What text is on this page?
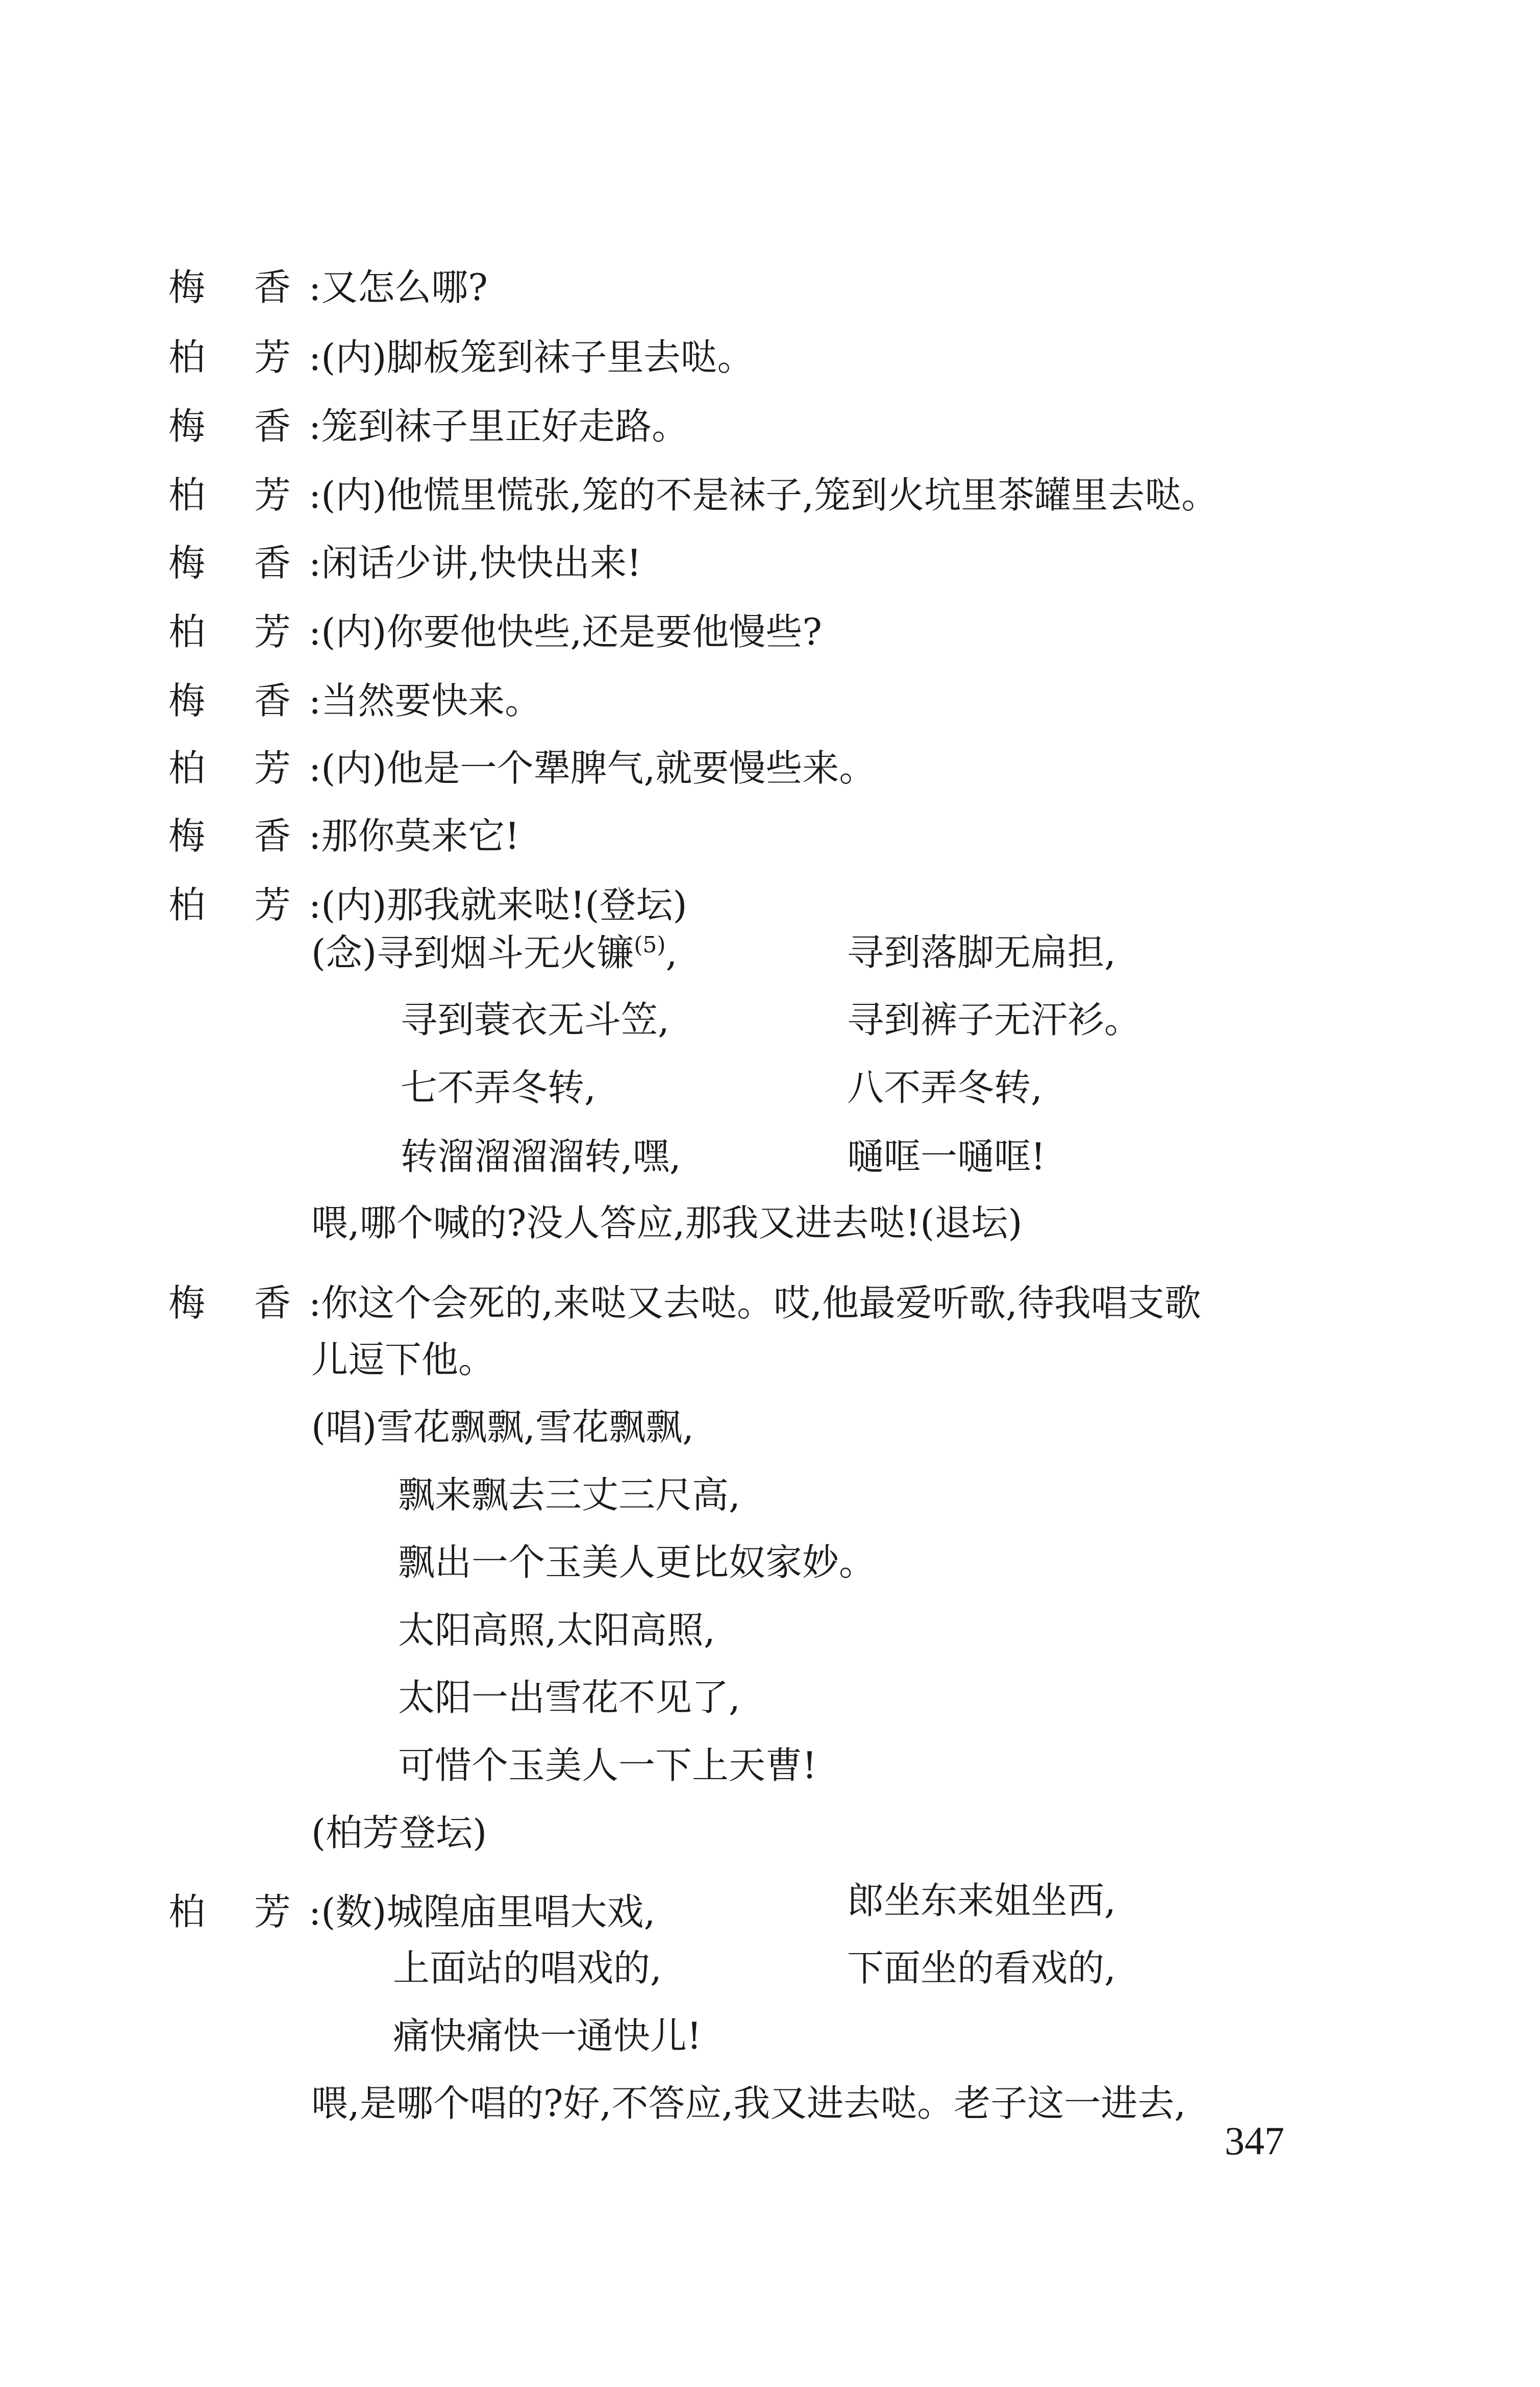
梅香
:又怎么哪?
柏芳
:(内)脚板笼到袜子里去哒。
梅香
:笼到袜子里正好走路。
柏芳
:(内)他慌里慌张,笼的不是袜子,笼到火坑里茶罐里去哒。
梅香
:闲话少讲,快快出来!
柏芳
:(内)你要他快些,还是要他慢些?
梅香
:当然要快来。
柏芳
:(内)他是一个犟脾气,就要慢些来。
梅香
:那你莫来它!
柏芳
:(内)那我就来哒!(登坛)
(念)寻到烟斗无火镰$^{(5)}$,	寻到落脚无扁担,
寻到蓑衣无斗笠,	寻到裤子无汗衫。
七不弄冬转,	八不弄冬转,
转溜溜溜溜转,嘿,	嗵哐一嗵哐!
喂,哪个喊的?没人答应,那我又进去哒!(退坛)
梅香
:你这个会死的,来哒又去哒。哎,他最爱听歌,待我唱支歌
儿逗下他。
(唱)雪花飘飘,雪花飘飘,
飘来飘去三丈三尺高,
飘出一个玉美人更比奴家妙。
太阳高照,太阳高照,
太阳一出雪花不见了,
可惜个玉美人一下上天曹!
(柏芳登坛)
柏芳
:(数)城隍庙里唱大戏,	郎坐东来姐坐西,
上面站的唱戏的,	下面坐的看戏的,
痛快痛快一通快儿!
喂,是哪个唱的?好,不答应,我又进去哒。老子这一进去,
347
